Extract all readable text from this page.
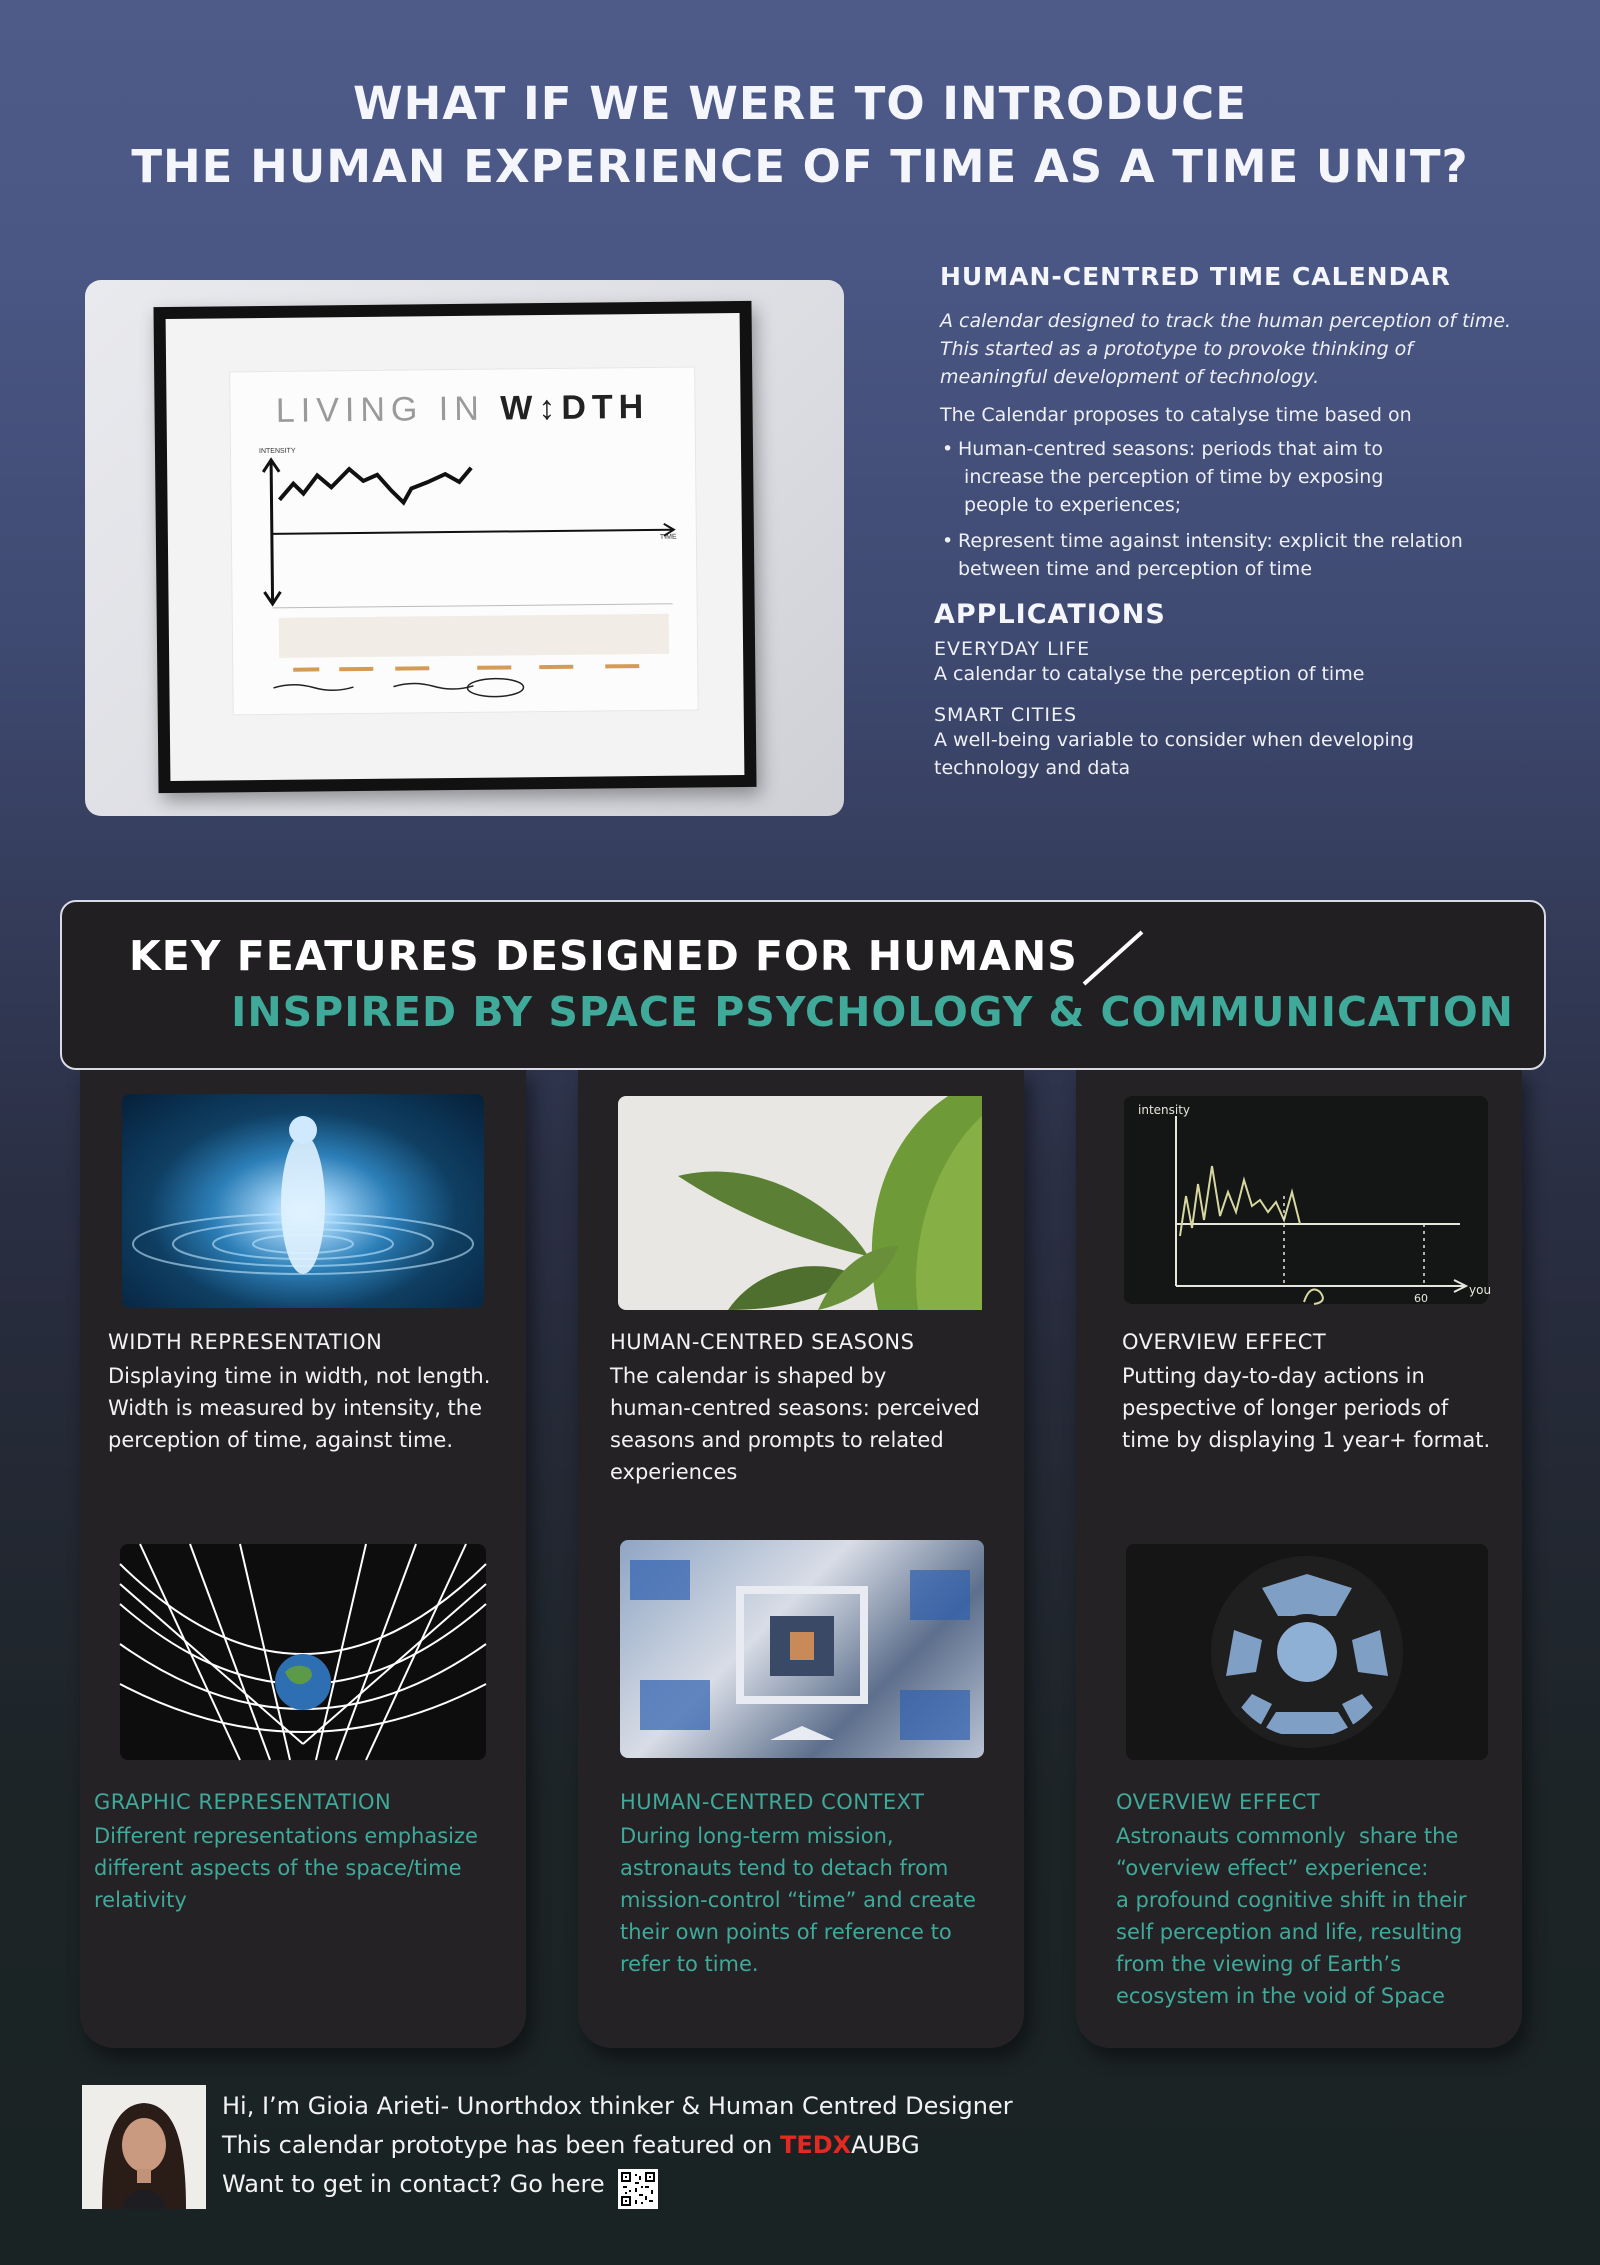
WHAT IF WE WERE TO INTRODUCE
THE HUMAN EXPERIENCE OF TIME AS A TIME UNIT?
LIVING IN W↕DTH
INTENSITY
TIME
HUMAN-CENTRED TIME CALENDAR
A calendar designed to track the human perception of time.
This started as a prototype to provoke thinking of
meaningful development of technology.
The Calendar proposes to catalyse time based on
• Human-centred seasons: periods that aim to
increase the perception of time by exposing
people to experiences;
• Represent time against intensity: explicit the relation
between time and perception of time
APPLICATIONS
EVERYDAY LIFE
A calendar to catalyse the perception of time
SMART CITIES
A well-being variable to consider when developing
technology and data
WIDTH REPRESENTATION
Displaying time in width, not length.
Width is measured by intensity, the
perception of time, against time.
GRAPHIC REPRESENTATION
Different representations emphasize
different aspects of the space/time
relativity
HUMAN-CENTRED SEASONS
The calendar is shaped by
human-centred seasons: perceived
seasons and prompts to related
experiences
HUMAN-CENTRED CONTEXT
During long-term mission,
astronauts tend to detach from
mission-control “time” and create
their own points of reference to
refer to time.
intensity
you
60
OVERVIEW EFFECT
Putting day-to-day actions in
pespective of longer periods of
time by displaying 1 year+ format.
OVERVIEW EFFECT
Astronauts commonly  share the
“overview effect” experience:
a profound cognitive shift in their
self perception and life, resulting
from the viewing of Earth’s
ecosystem in the void of Space
KEY FEATURES DESIGNED FOR HUMANS
INSPIRED BY SPACE PSYCHOLOGY & COMMUNICATION
Hi, I’m Gioia Arieti- Unorthdox thinker & Human Centred Designer
This calendar prototype has been featured on TEDXAUBG
Want to get in contact? Go here
